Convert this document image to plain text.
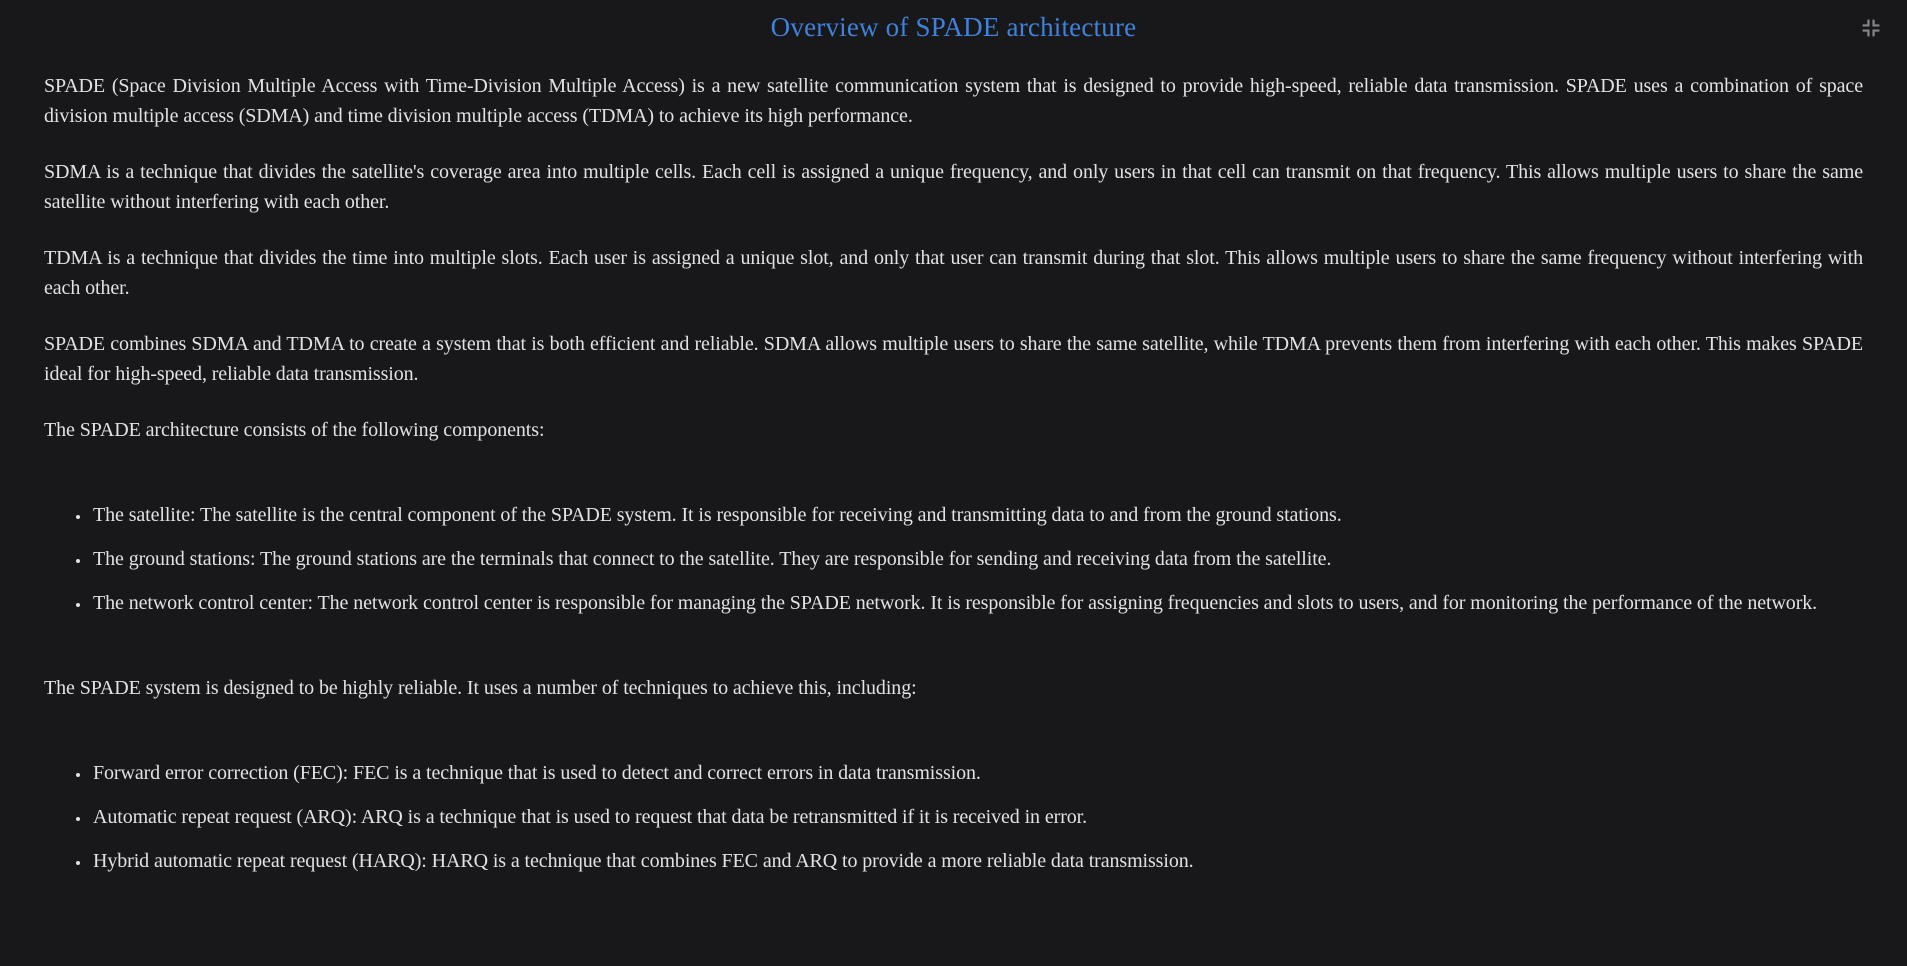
Overview of SPADE architecture

SPADE (Space Division Multiple Access with Time-Division Multiple Access) is a new satellite communication system that is designed to provide high-speed, reliable data transmission. SPADE uses a combination of space division multiple access (SDMA) and time division multiple access (TDMA) to achieve its high performance.

SDMA is a technique that divides the satellite's coverage area into multiple cells. Each cell is assigned a unique frequency, and only users in that cell can transmit on that frequency. This allows multiple users to share the same satellite without interfering with each other.

TDMA is a technique that divides the time into multiple slots. Each user is assigned a unique slot, and only that user can transmit during that slot. This allows multiple users to share the same frequency without interfering with each other.

SPADE combines SDMA and TDMA to create a system that is both efficient and reliable. SDMA allows multiple users to share the same satellite, while TDMA prevents them from interfering with each other. This makes SPADE ideal for high-speed, reliable data transmission.

The SPADE architecture consists of the following components:

• The satellite: The satellite is the central component of the SPADE system. It is responsible for receiving and transmitting data to and from the ground stations.
• The ground stations: The ground stations are the terminals that connect to the satellite. They are responsible for sending and receiving data from the satellite.
• The network control center: The network control center is responsible for managing the SPADE network. It is responsible for assigning frequencies and slots to users, and for monitoring the performance of the network.

The SPADE system is designed to be highly reliable. It uses a number of techniques to achieve this, including:

• Forward error correction (FEC): FEC is a technique that is used to detect and correct errors in data transmission.
• Automatic repeat request (ARQ): ARQ is a technique that is used to request that data be retransmitted if it is received in error.
• Hybrid automatic repeat request (HARQ): HARQ is a technique that combines FEC and ARQ to provide a more reliable data transmission.
